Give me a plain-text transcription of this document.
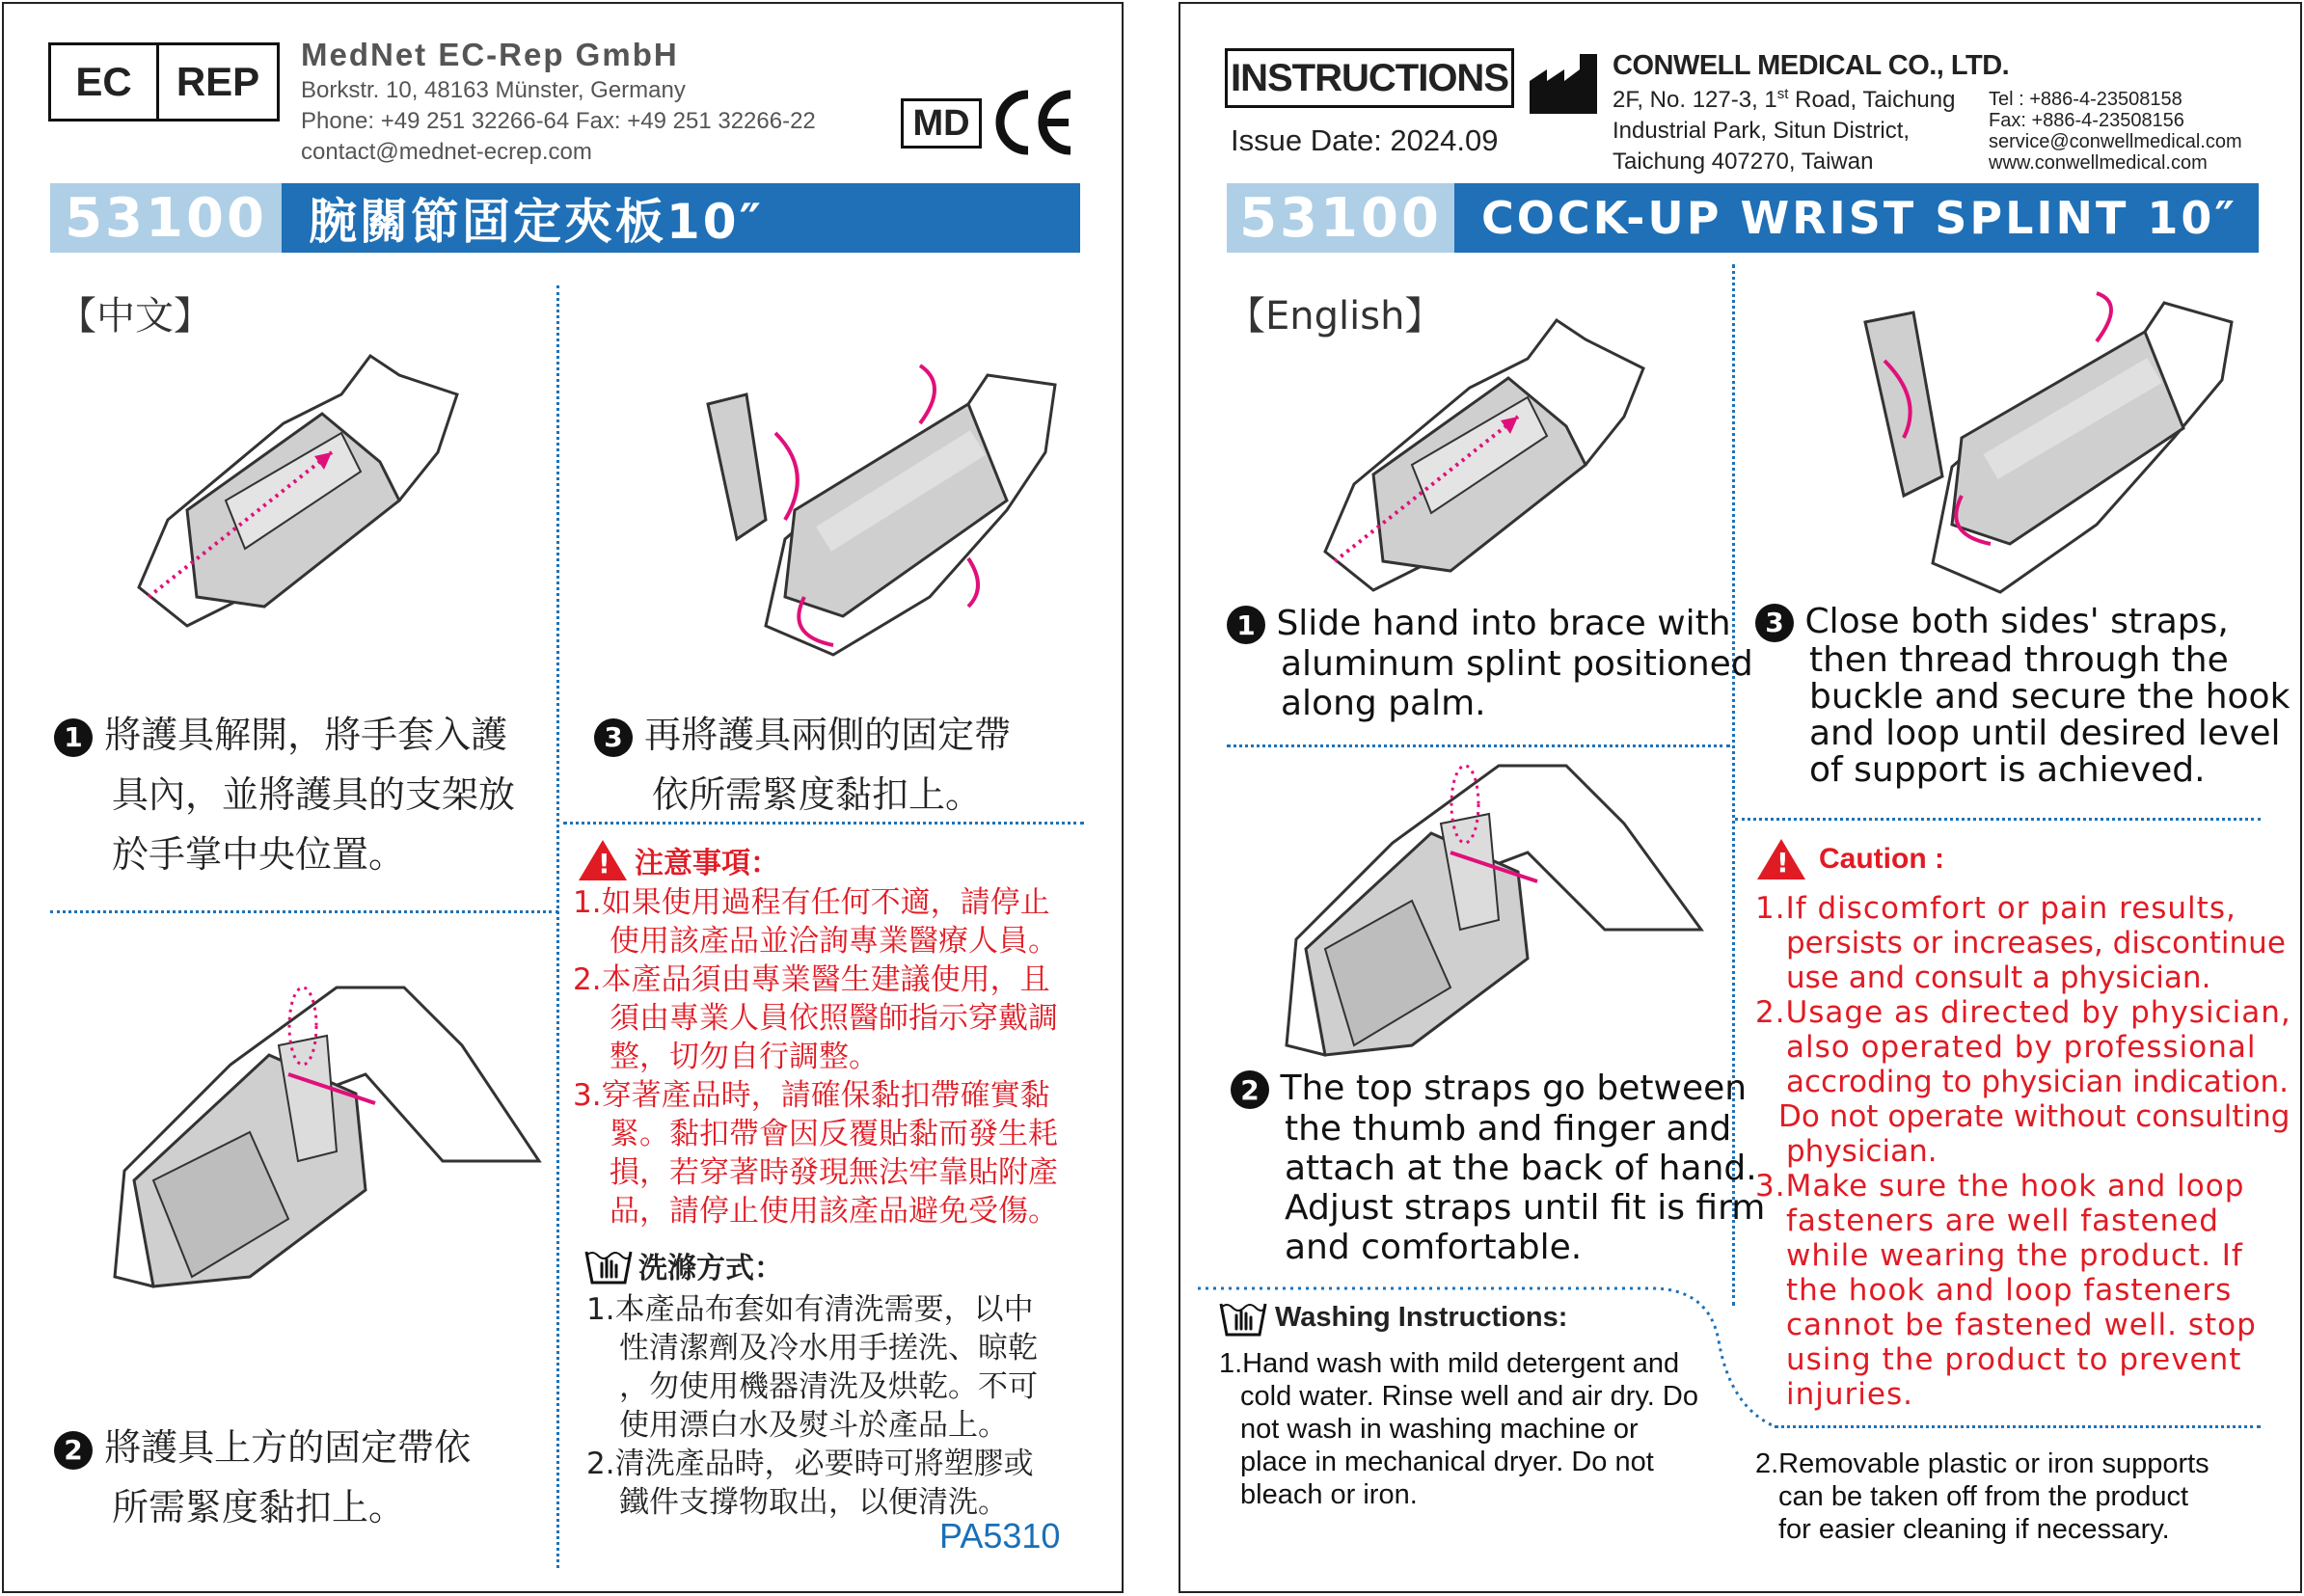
EC	REP
MedNet EC-Rep GmbH
Borkstr. 10, 48163 Münster, Germany
Phone: +49 251 32266-64 Fax: +49 251 32266-22
contact@mednet-ecrep.com
MD
53100 腕關節固定夾板10″
【中文】
1 將護具解開，將手套入護
具內，並將護具的支架放
於手掌中央位置。
3 再將護具兩側的固定帶
依所需緊度黏扣上。
2 將護具上方的固定帶依
所需緊度黏扣上。
! 注意事項：
1.如果使用過程有任何不適，請停止
使用該產品並洽詢專業醫療人員。
2.本產品須由專業醫生建議使用，且
須由專業人員依照醫師指示穿戴調
整，切勿自行調整。
3.穿著產品時，請確保黏扣帶確實黏
緊。黏扣帶會因反覆貼黏而發生耗
損，若穿著時發現無法牢靠貼附產
品，請停止使用該產品避免受傷。
洗滌方式：
1.本產品布套如有清洗需要，以中
性清潔劑及冷水用手搓洗、晾乾
，勿使用機器清洗及烘乾。不可
使用漂白水及熨斗於產品上。
2.清洗產品時，必要時可將塑膠或
鐵件支撐物取出，以便清洗。
PA5310
INSTRUCTIONS
Issue Date: 2024.09
CONWELL MEDICAL CO., LTD.
2F, No. 127-3, 1st Road, Taichung
Industrial Park, Situn District,
Taichung 407270, Taiwan
Tel : +886-4-23508158
Fax: +886-4-23508156
service@conwellmedical.com
www.conwellmedical.com
53100 COCK-UP WRIST SPLINT 10″
【English】
1 Slide hand into brace with
aluminum splint positioned
along palm.
3 Close both sides' straps,
then thread through the
buckle and secure the hook
and loop until desired level
of support is achieved.
2 The top straps go between
the thumb and finger and
attach at the back of hand.
Adjust straps until fit is firm
and comfortable.
! Caution :
1.If discomfort or pain results,
persists or increases, discontinue
use and consult a physician.
2.Usage as directed by physician,
also operated by professional
accroding to physician indication.
Do not operate without consulting
physician.
3.Make sure the hook and loop
fasteners are well fastened
while wearing the product. If
the hook and loop fasteners
cannot be fastened well. stop
using the product to prevent
injuries.
Washing Instructions:
1.Hand wash with mild detergent and
cold water. Rinse well and air dry. Do
not wash in washing machine or
place in mechanical dryer. Do not
bleach or iron.
2.Removable plastic or iron supports
can be taken off from the product
for easier cleaning if necessary.
